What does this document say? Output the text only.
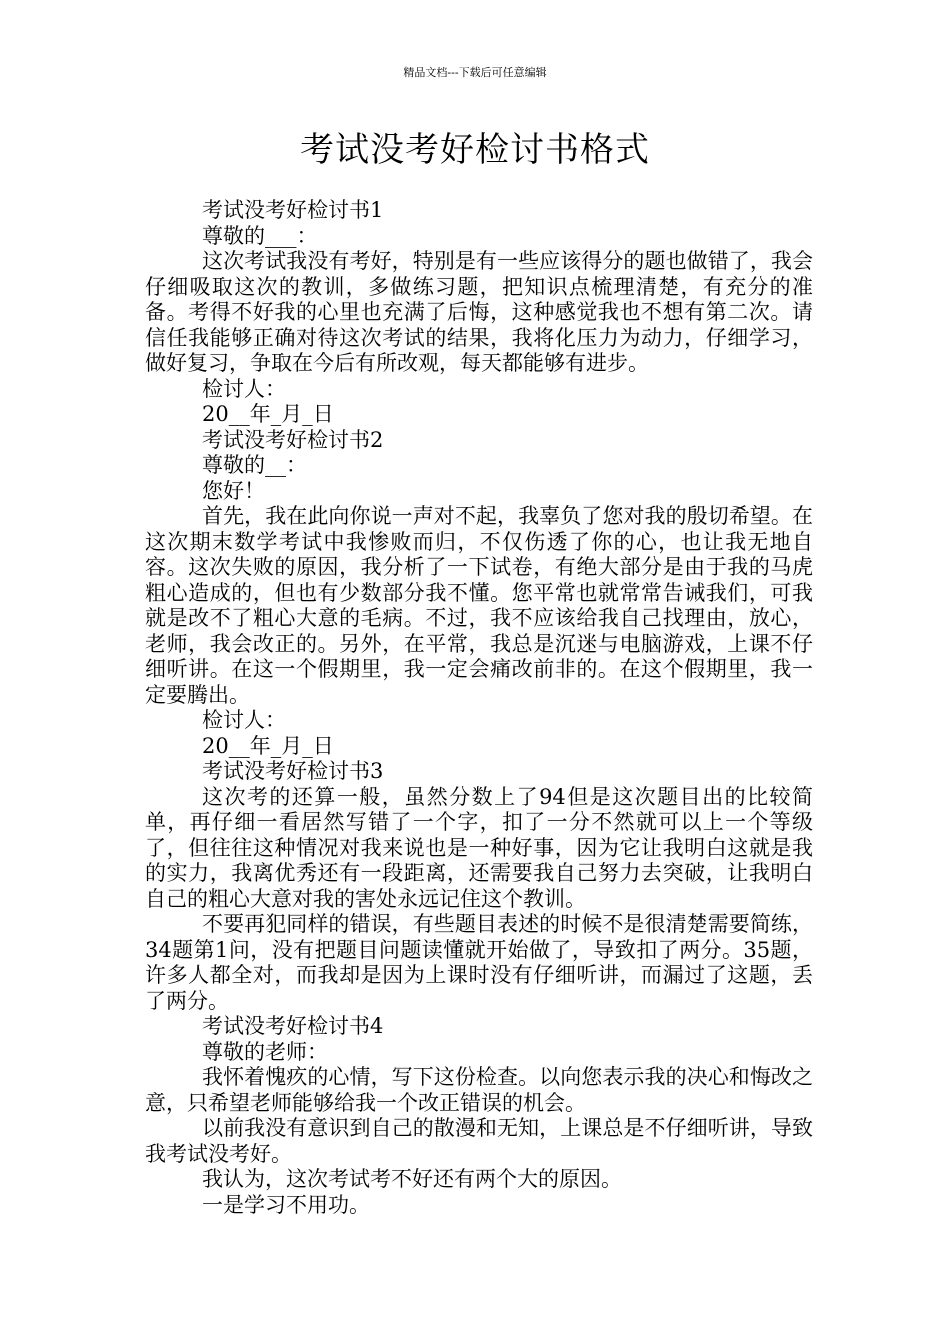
精品文档---下载后可任意编辑
考试没考好检讨书格式

考试没考好检讨书1

尊敬的___：

这次考试我没有考好，特别是有一些应该得分的题也做错了，我会仔细吸取这次的教训，多做练习题，把知识点梳理清楚，有充分的准备。考得不好我的心里也充满了后悔，这种感觉我也不想有第二次。请信任我能够正确对待这次考试的结果，我将化压力为动力，仔细学习，做好复习，争取在今后有所改观，每天都能够有进步。

检讨人：

20__年_月_日

考试没考好检讨书2

尊敬的__：

您好！

首先，我在此向你说一声对不起，我辜负了您对我的殷切希望。在这次期末数学考试中我惨败而归，不仅伤透了你的心，也让我无地自容。这次失败的原因，我分析了一下试卷，有绝大部分是由于我的马虎粗心造成的，但也有少数部分我不懂。您平常也就常常告诫我们，可我就是改不了粗心大意的毛病。不过，我不应该给我自己找理由，放心，老师，我会改正的。另外，在平常，我总是沉迷与电脑游戏，上课不仔细听讲。在这一个假期里，我一定会痛改前非的。在这个假期里，我一定要腾出。

检讨人：

20__年_月_日

考试没考好检讨书3

这次考的还算一般，虽然分数上了94但是这次题目出的比较简单，再仔细一看居然写错了一个字，扣了一分不然就可以上一个等级了，但往往这种情况对我来说也是一种好事，因为它让我明白这就是我的实力，我离优秀还有一段距离，还需要我自己努力去突破，让我明白自己的粗心大意对我的害处永远记住这个教训。

不要再犯同样的错误，有些题目表述的时候不是很清楚需要简练，34题第1问，没有把题目问题读懂就开始做了，导致扣了两分。35题，许多人都全对，而我却是因为上课时没有仔细听讲，而漏过了这题，丢了两分。

考试没考好检讨书4

尊敬的老师：

我怀着愧疚的心情，写下这份检查。以向您表示我的决心和悔改之意，只希望老师能够给我一个改正错误的机会。

以前我没有意识到自己的散漫和无知，上课总是不仔细听讲，导致我考试没考好。

我认为，这次考试考不好还有两个大的原因。

一是学习不用功。
